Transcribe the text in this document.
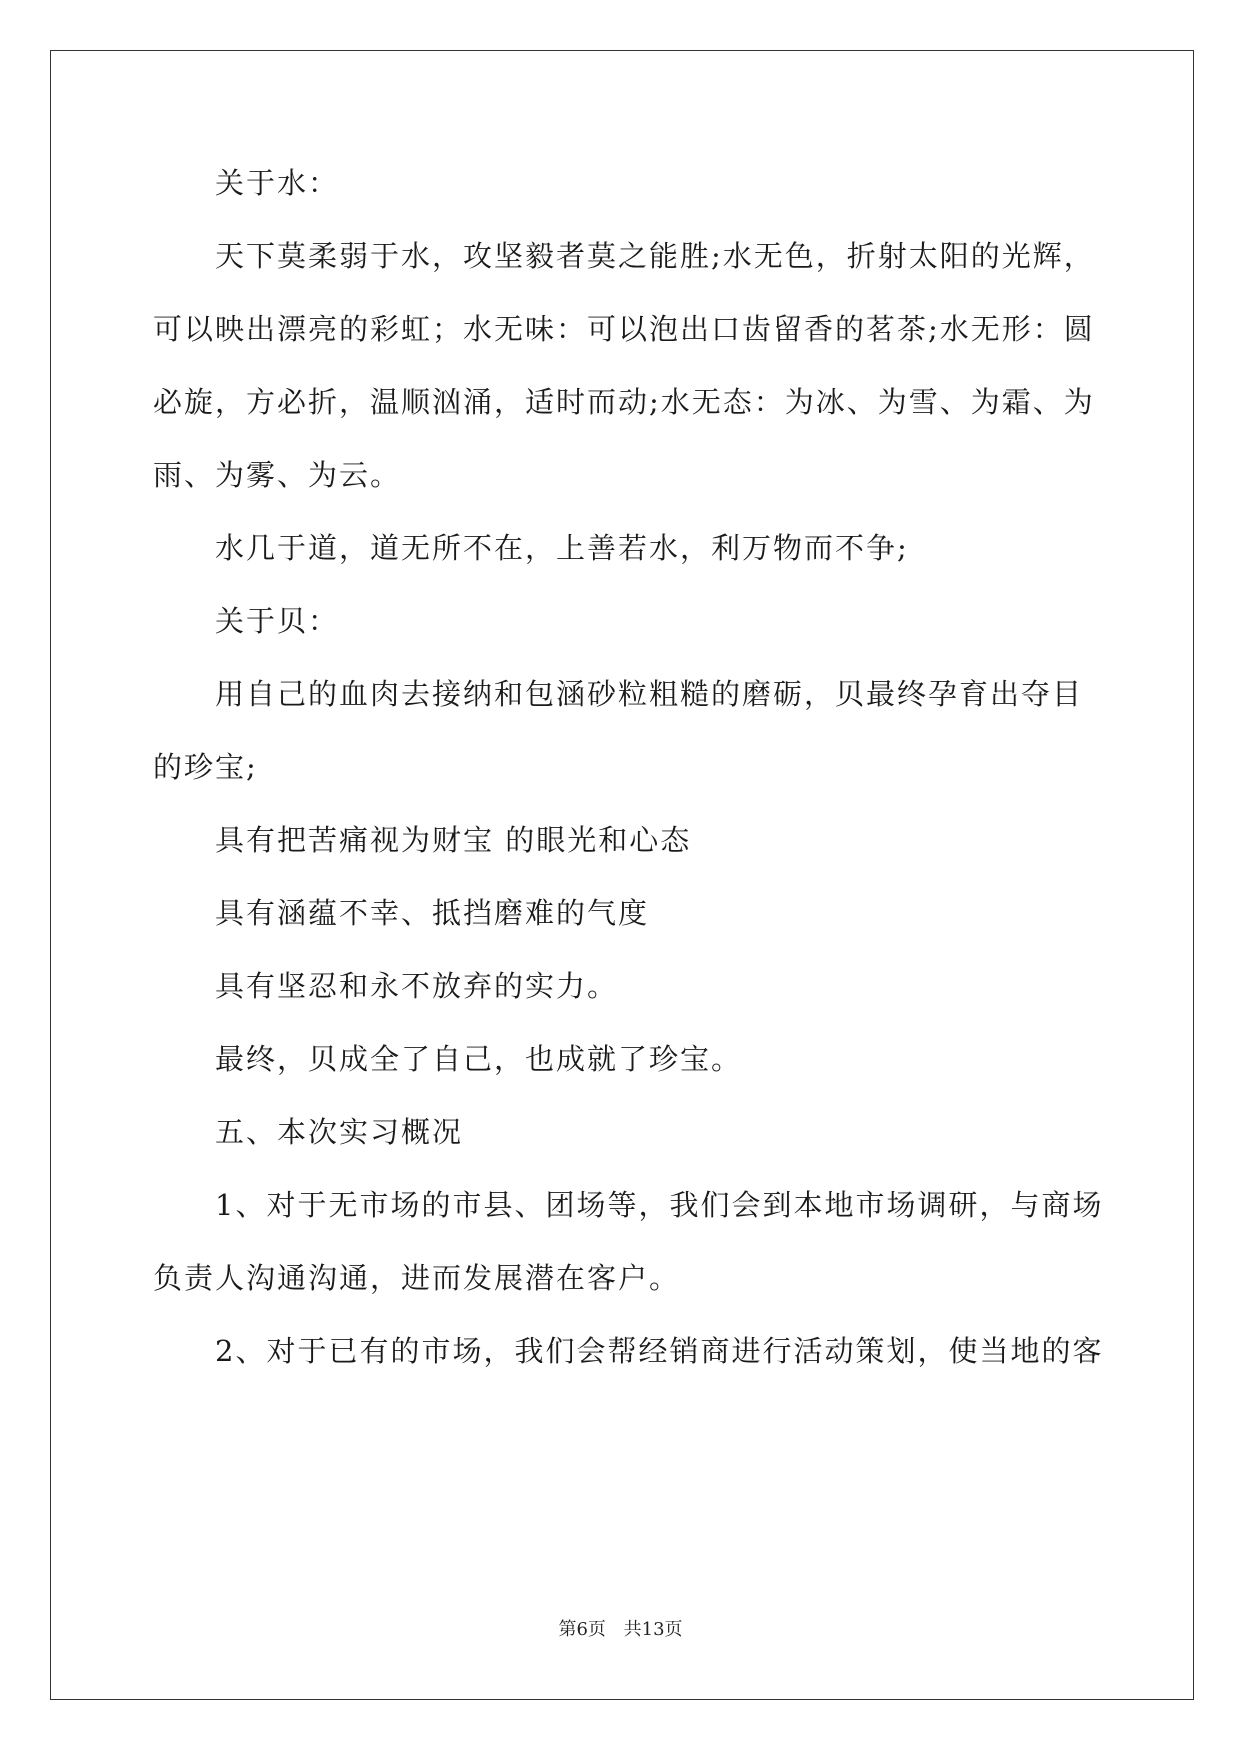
关于水：
天下莫柔弱于水，攻坚毅者莫之能胜;水无色，折射太阳的光辉，
可以映出漂亮的彩虹；水无味：可以泡出口齿留香的茗茶;水无形：圆
必旋，方必折，温顺汹涌，适时而动;水无态：为冰、为雪、为霜、为
雨、为雾、为云。
水几于道，道无所不在，上善若水，利万物而不争;
关于贝：
用自己的血肉去接纳和包涵砂粒粗糙的磨砺，贝最终孕育出夺目
的珍宝;
具有把苦痛视为财宝 的眼光和心态
具有涵蕴不幸、抵挡磨难的气度
具有坚忍和永不放弃的实力。
最终，贝成全了自己，也成就了珍宝。
五、本次实习概况
1、对于无市场的市县、团场等，我们会到本地市场调研，与商场
负责人沟通沟通，进而发展潜在客户。
2、对于已有的市场，我们会帮经销商进行活动策划，使当地的客
第6页 共13页
